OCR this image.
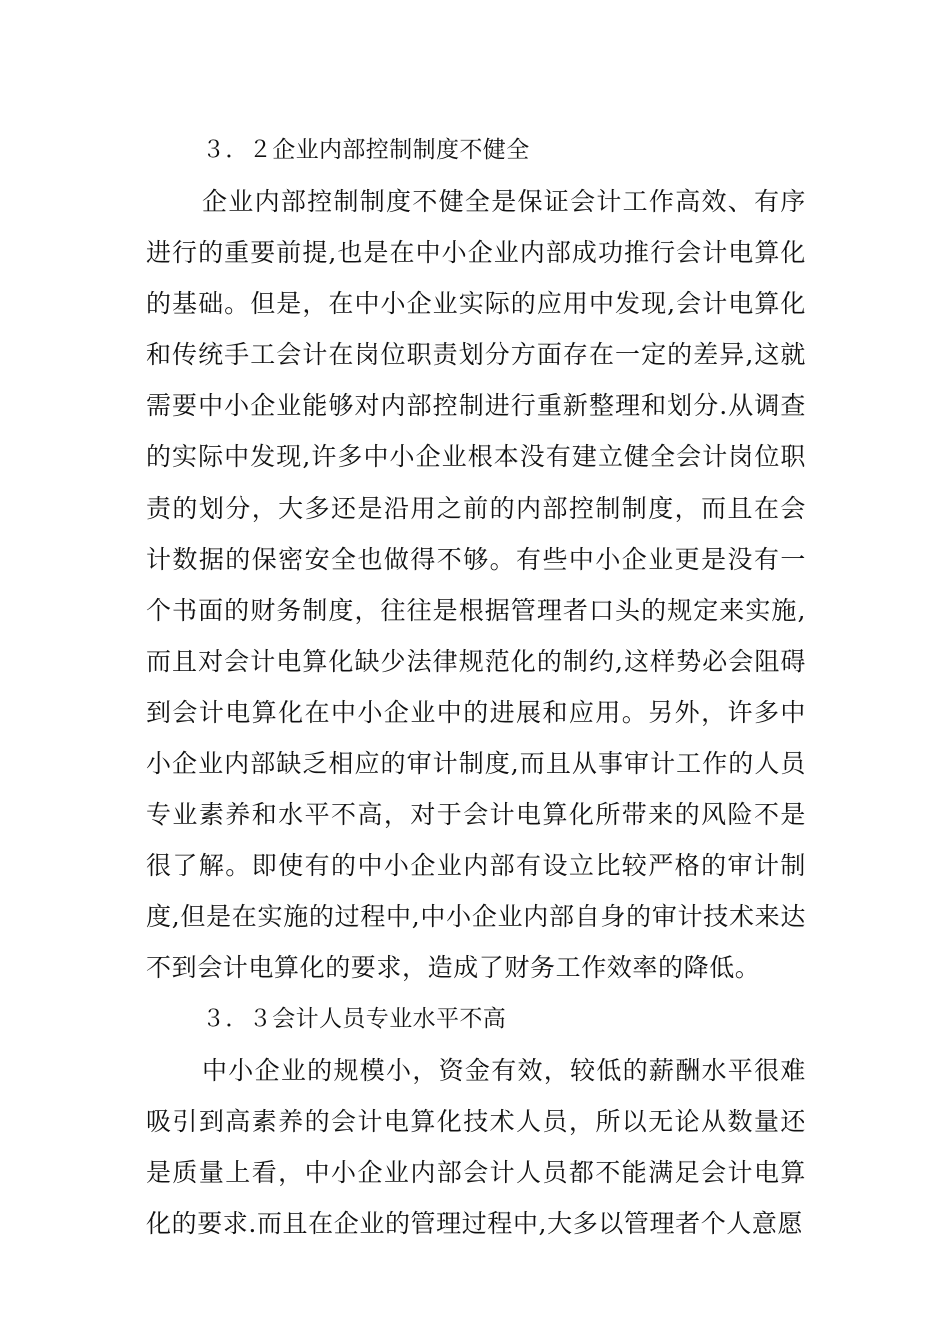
３．２企业内部控制制度不健全

企业内部控制制度不健全是保证会计工作高效、有序进行的重要前提,也是在中小企业内部成功推行会计电算化的基础。但是，在中小企业实际的应用中发现,会计电算化和传统手工会计在岗位职责划分方面存在一定的差异,这就需要中小企业能够对内部控制进行重新整理和划分.从调查的实际中发现,许多中小企业根本没有建立健全会计岗位职责的划分，大多还是沿用之前的内部控制制度，而且在会计数据的保密安全也做得不够。有些中小企业更是没有一个书面的财务制度，往往是根据管理者口头的规定来实施,而且对会计电算化缺少法律规范化的制约,这样势必会阻碍到会计电算化在中小企业中的进展和应用。另外，许多中小企业内部缺乏相应的审计制度,而且从事审计工作的人员专业素养和水平不高，对于会计电算化所带来的风险不是很了解。即使有的中小企业内部有设立比较严格的审计制度,但是在实施的过程中,中小企业内部自身的审计技术来达不到会计电算化的要求，造成了财务工作效率的降低。

３．３会计人员专业水平不高

中小企业的规模小，资金有效，较低的薪酬水平很难吸引到高素养的会计电算化技术人员，所以无论从数量还是质量上看，中小企业内部会计人员都不能满足会计电算化的要求.而且在企业的管理过程中,大多以管理者个人意愿
